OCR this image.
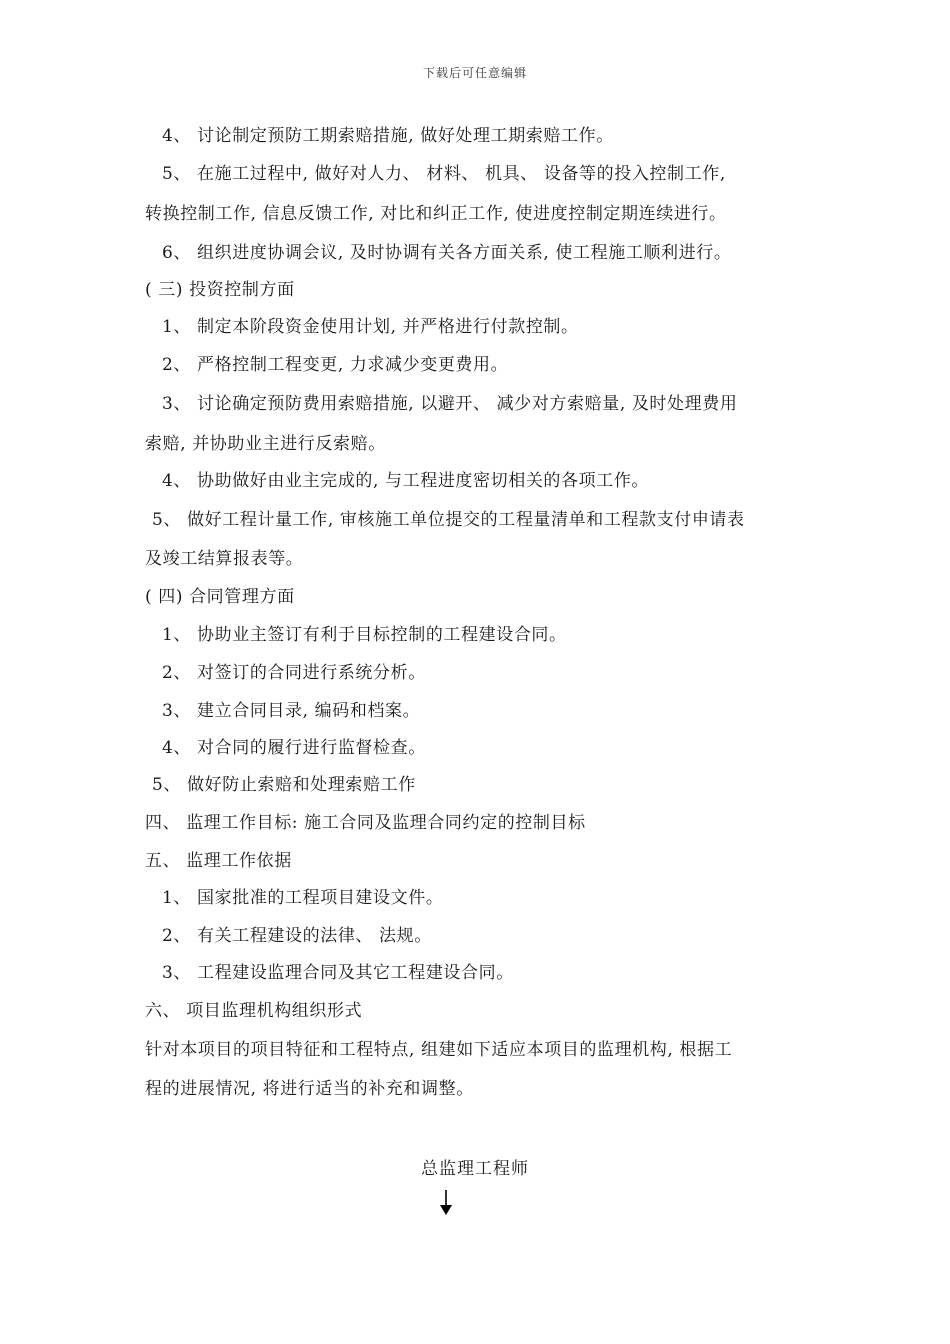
下载后可任意编辑
4、 讨论制定预防工期索赔措施, 做好处理工期索赔工作。
5、 在施工过程中, 做好对人力、 材料、 机具、 设备等的投入控制工作,
转换控制工作, 信息反馈工作, 对比和纠正工作, 使进度控制定期连续进行。
6、 组织进度协调会议, 及时协调有关各方面关系, 使工程施工顺利进行。
( 三) 投资控制方面
1、 制定本阶段资金使用计划, 并严格进行付款控制。
2、 严格控制工程变更, 力求减少变更费用。
3、 讨论确定预防费用索赔措施, 以避开、 减少对方索赔量, 及时处理费用
索赔, 并协助业主进行反索赔。
4、 协助做好由业主完成的, 与工程进度密切相关的各项工作。
5、 做好工程计量工作, 审核施工单位提交的工程量清单和工程款支付申请表
及竣工结算报表等。
( 四) 合同管理方面
1、 协助业主签订有利于目标控制的工程建设合同。
2、 对签订的合同进行系统分析。
3、 建立合同目录, 编码和档案。
4、 对合同的履行进行监督检查。
5、 做好防止索赔和处理索赔工作
四、 监理工作目标: 施工合同及监理合同约定的控制目标
五、 监理工作依据
1、 国家批准的工程项目建设文件。
2、 有关工程建设的法律、 法规。
3、 工程建设监理合同及其它工程建设合同。
六、 项目监理机构组织形式
针对本项目的项目特征和工程特点, 组建如下适应本项目的监理机构, 根据工
程的进展情况, 将进行适当的补充和调整。
总监理工程师
